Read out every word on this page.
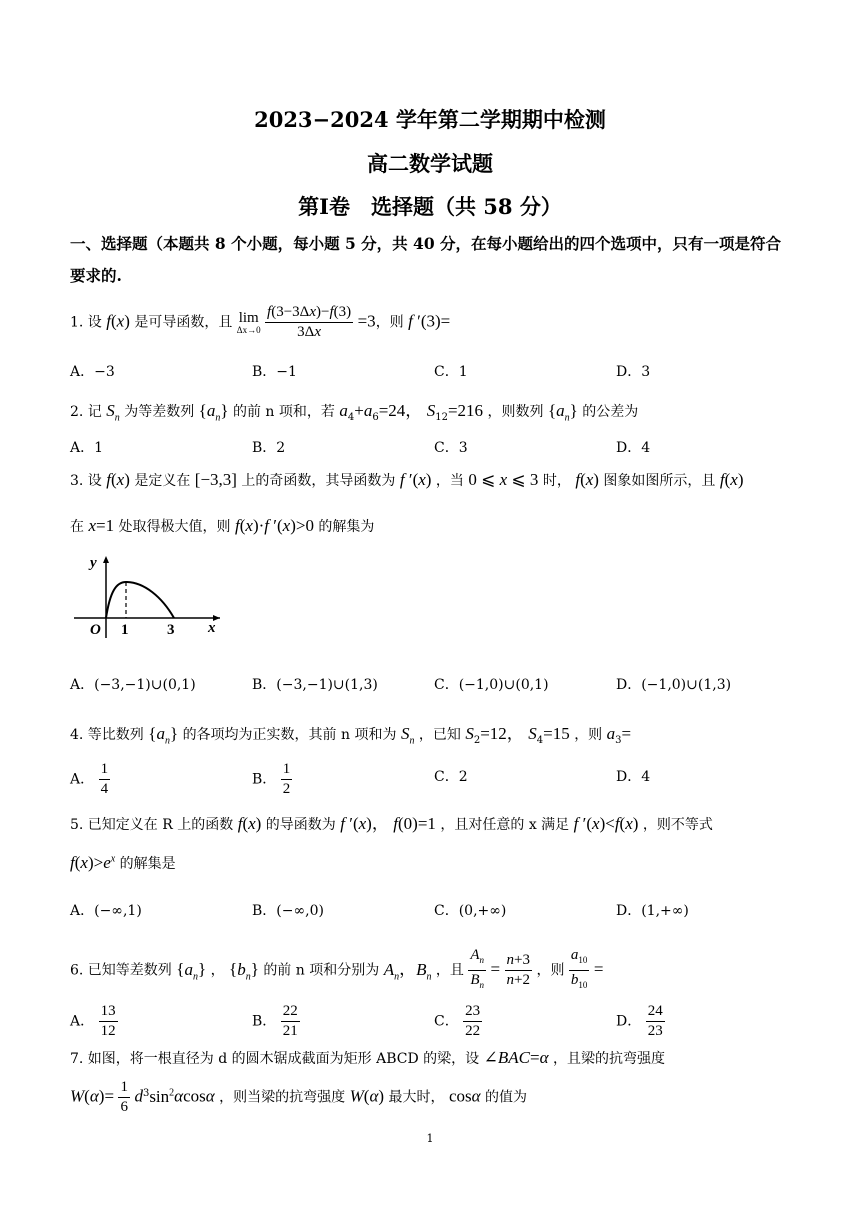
2023−2024 学年第二学期期中检测
高二数学试题
第Ⅰ卷　选择题（共 58 分）
一、选择题（本题共 8 个小题，每小题 5 分，共 40 分，在每小题给出的四个选项中，只有一项是符合要求的.
1. 设 f(x) 是可导函数，且 lim
Δx→0
$\frac{f(3-3\Delta x)-f(3)}{3\Delta x} =3$，则 f ′(3)=
A．−3	B．−1	C．1	D．3
2. 记 $S_n$ 为等差数列 $\{a_n\}$ 的前 n 项和，若 $a_4+a_6=24$， $S_{12}=216$ ，则数列 $\{a_n\}$ 的公差为
A．1	B．2	C．3	D．4
3. 设 f(x) 是定义在 [−3,3] 上的奇函数，其导函数为 f ′(x) ，当 0 ⩽ x ⩽ 3 时， f(x) 图象如图所示，且 f(x)
在 x=1 处取得极大值，则 f(x)·f ′(x)>0 的解集为
y
x
O 1	3
A．(−3,−1)∪(0,1)	B．(−3,−1)∪(1,3)	C．(−1,0)∪(0,1)	D．(−1,0)∪(1,3)
4. 等比数列 $\{a_n\}$ 的各项均为正实数，其前 n 项和为 $S_n$ ，已知 $S_2=12$， $S_4=15$ ，则 $a_3=$
A． $\frac{1}{4}$	B． $\frac{1}{2}$	C．2	D．4
5. 已知定义在 R 上的函数 f(x) 的导函数为 f ′(x)， f(0)=1 ，且对任意的 x 满足 f ′(x)<f(x) ，则不等式
$f(x)>e^x$ 的解集是
A．(−∞,1)	B．(−∞,0)	C．(0,+∞)	D．(1,+∞)
6. 已知等差数列 $\{a_n\}$ ， $\{b_n\}$ 的前 n 项和分别为 $A_n$，$B_n$ ，且 $\frac{A_n}{B_n} = \frac{n+3}{n+2}$ ，则 $\frac{a_{10}}{b_{10}}$ =
A． $\frac{13}{12}$	B． $\frac{22}{21}$	C． $\frac{23}{22}$	D． $\frac{24}{23}$
7. 如图，将一根直径为 d 的圆木锯成截面为矩形 ABCD 的梁，设 ∠BAC=α ，且梁的抗弯强度
$W(\alpha)= \frac{1}{6} d^3\sin^2\alpha\cos\alpha$ ，则当梁的抗弯强度 W(α) 最大时， cosα 的值为
1
